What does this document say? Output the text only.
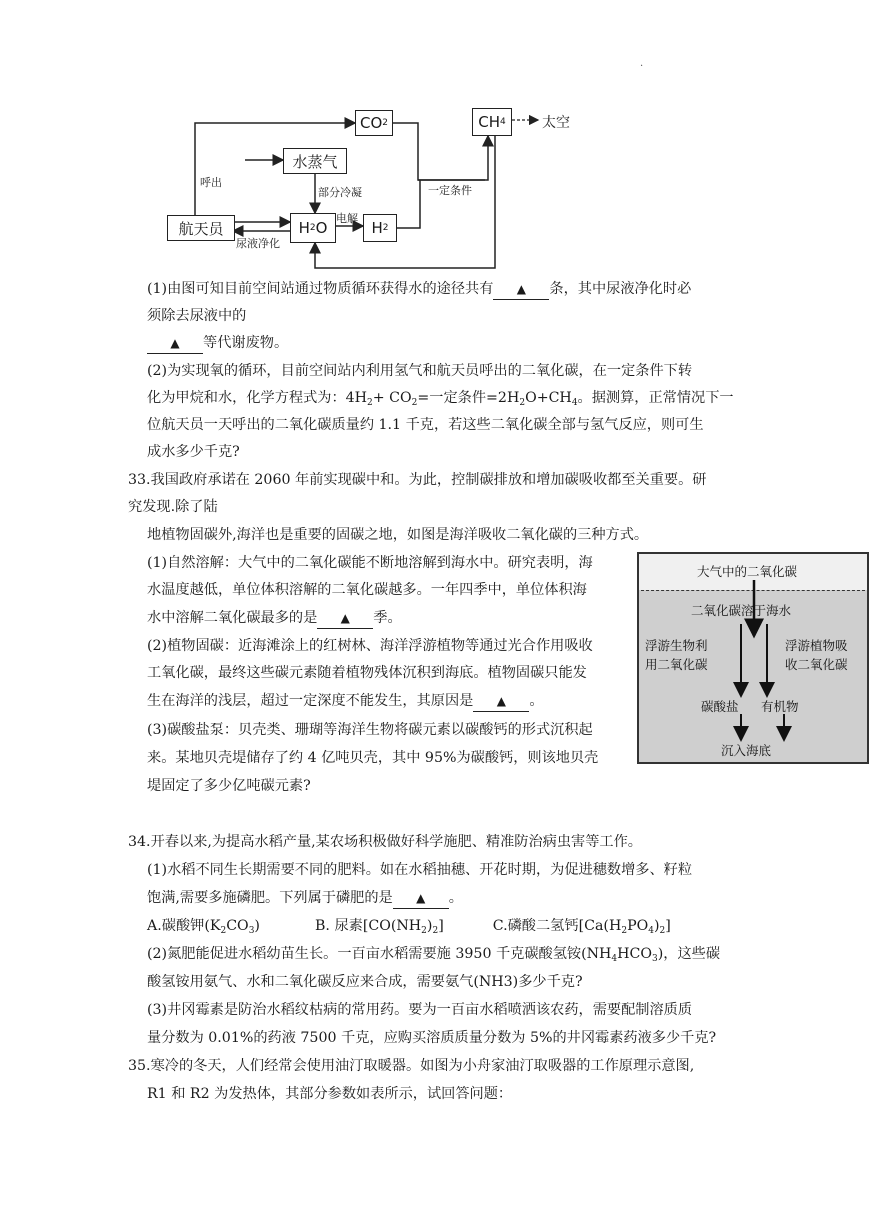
.
CO 2	CH 4	太空
水蒸气
航天员	H 2 O	H 2
呼出
部分冷凝	一定条件
电解
尿液净化
(1)由图可知目前空间站通过物质循环获得水的途径共有 ▲ 条，其中尿液净化时必
须除去尿液中的
▲ 等代谢废物。
(2)为实现氧的循环，目前空间站内利用氢气和航天员呼出的二氧化碳，在一定条件下转
化为甲烷和水，化学方程式为：$4H_2+ CO_2=$一定条件$=2H_2O+CH_4$。据测算，正常情况下一
位航天员一天呼出的二氧化碳质量约 1.1 千克，若这些二氧化碳全部与氢气反应，则可生
成水多少千克?
33.我国政府承诺在 2060 年前实现碳中和。为此，控制碳排放和增加碳吸收都至关重要。研
究发现.除了陆
地植物固碳外,海洋也是重要的固碳之地，如图是海洋吸收二氧化碳的三种方式。
(1)自然溶解：大气中的二氧化碳能不断地溶解到海水中。研究表明，海
水温度越低，单位体积溶解的二氧化碳越多。一年四季中，单位体积海
水中溶解二氧化碳最多的是 ▲ 季。
(2)植物固碳：近海滩涂上的红树林、海洋浮游植物等通过光合作用吸收
工氧化碳，最终这些碳元素随着植物残体沉积到海底。植物固碳只能发
生在海洋的浅层，超过一定深度不能发生，其原因是 ▲ 。
(3)碳酸盐泵：贝壳类、珊瑚等海洋生物将碳元素以碳酸钙的形式沉积起
来。某地贝壳堤储存了约 4 亿吨贝壳，其中 95%为碳酸钙，则该地贝壳
堤固定了多少亿吨碳元素?
大气中的二氧化碳
二氧化碳溶于海水
浮游生物利
用二氧化碳
浮游植物吸
收二氧化碳
碳酸盐 有机物
沉入海底
34.开春以来,为提高水稻产量,某农场积极做好科学施肥、精准防治病虫害等工作。
(1)水稻不同生长期需要不同的肥料。如在水稻抽穗、开花时期，为促进穗数增多、籽粒
饱满,需要多施磷肥。下列属于磷肥的是 ▲ 。
A.碳酸钾$(K_2CO_3)$	B. 尿素$[CO(NH_2)_2]$	C.磷酸二氢钙$[Ca(H_2PO_4)_2]$
(2)氮肥能促进水稻幼苗生长。一百亩水稻需要施 3950 千克碳酸氢铵$(NH_4HCO_3)$，这些碳
酸氢铵用氨气、水和二氧化碳反应来合成，需要氨气(NH3)多少千克?
(3)井冈霉素是防治水稻纹枯病的常用药。要为一百亩水稻喷洒该农药，需要配制溶质质
量分数为 0.01%的药液 7500 千克，应购买溶质质量分数为 5%的井冈霉素药液多少千克?
35.寒冷的冬天，人们经常会使用油汀取暖器。如图为小舟家油汀取吸器的工作原理示意图,
R1 和 R2 为发热体，其部分参数如表所示，试回答问题：
